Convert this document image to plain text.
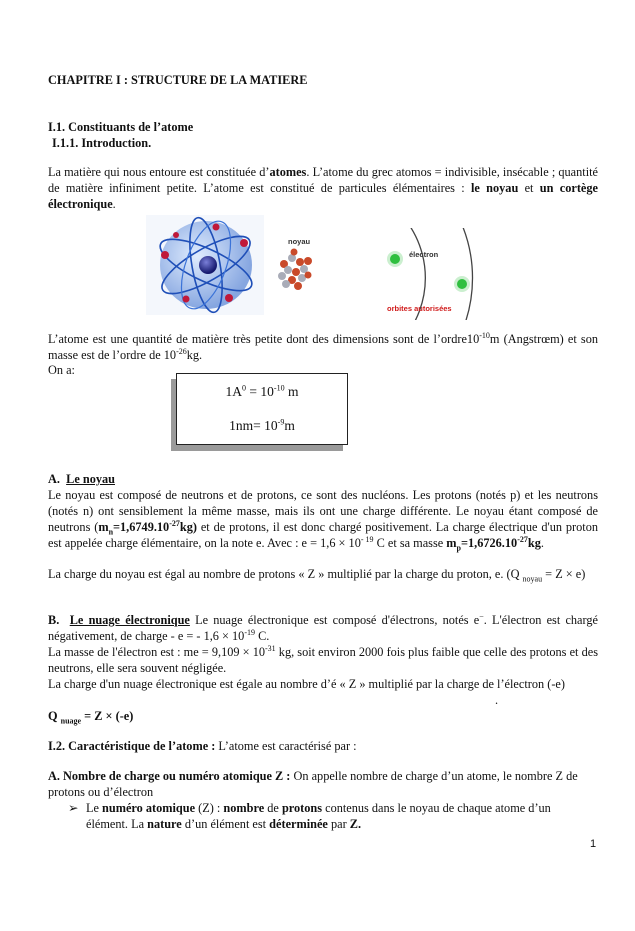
CHAPITRE I : STRUCTURE DE LA MATIERE
I.1. Constituants de l’atome
I.1.1. Introduction.
La matière qui nous entoure est constituée d’atomes. L’atome du grec atomos = indivisible, insécable ; quantité de matière infiniment petite. L’atome est constitué de particules élémentaires : le noyau et un cortège électronique.
noyau
électron
orbites autorisées
L’atome est une quantité de matière très petite dont des dimensions sont de $l’ordre10^{-10}m$ (Angstrœm) et son masse est de l’ordre de $10^{-26}kg$.
On a:
$1A^0 = 10^{-10}$ m
$1nm= 10^{-9}m$
A. Le noyau
Le noyau est composé de neutrons et de protons, ce sont des nucléons. Les protons (notés p) et les neutrons (notés n) ont sensiblement la même masse, mais ils ont une charge différente. Le noyau étant composé de neutrons $(m_n=1,6749.10^{-27}kg)$ et de protons, il est donc chargé positivement. La charge électrique d'un proton est appelée charge élémentaire, on la note e. Avec : $e = 1,6 \times 10^{- 19}$ C et sa masse $m_p=1,6726.10^{-27}kg$.
La charge du noyau est égal au nombre de protons « Z » multiplié par la charge du proton, e. (Q $_{noyau}$ = Z × e)
B. Le nuage électronique Le nuage électronique est composé d'électrons, notés e−. L'électron est chargé négativement, de charge - e = - $1,6 \times 10^{-19}$ C.
La masse de l'électron est : me = $9,109 \times 10^{-31}$ kg, soit environ 2000 fois plus faible que celle des protons et des neutrons, elle sera souvent négligée.
La charge d'un nuage électronique est égale au nombre d’é « Z » multiplié par la charge de l’électron (-e)
.
Q $_{nuage}$ = Z × (-e)
I.2. Caractéristique de l’atome : L’atome est caractérisé par :
A. Nombre de charge ou numéro atomique Z : On appelle nombre de charge d’un atome, le nombre Z de protons ou d’électron
➢ Le numéro atomique (Z) : nombre de protons contenus dans le noyau de chaque atome d’un élément. La nature d’un élément est déterminée par Z.
1
